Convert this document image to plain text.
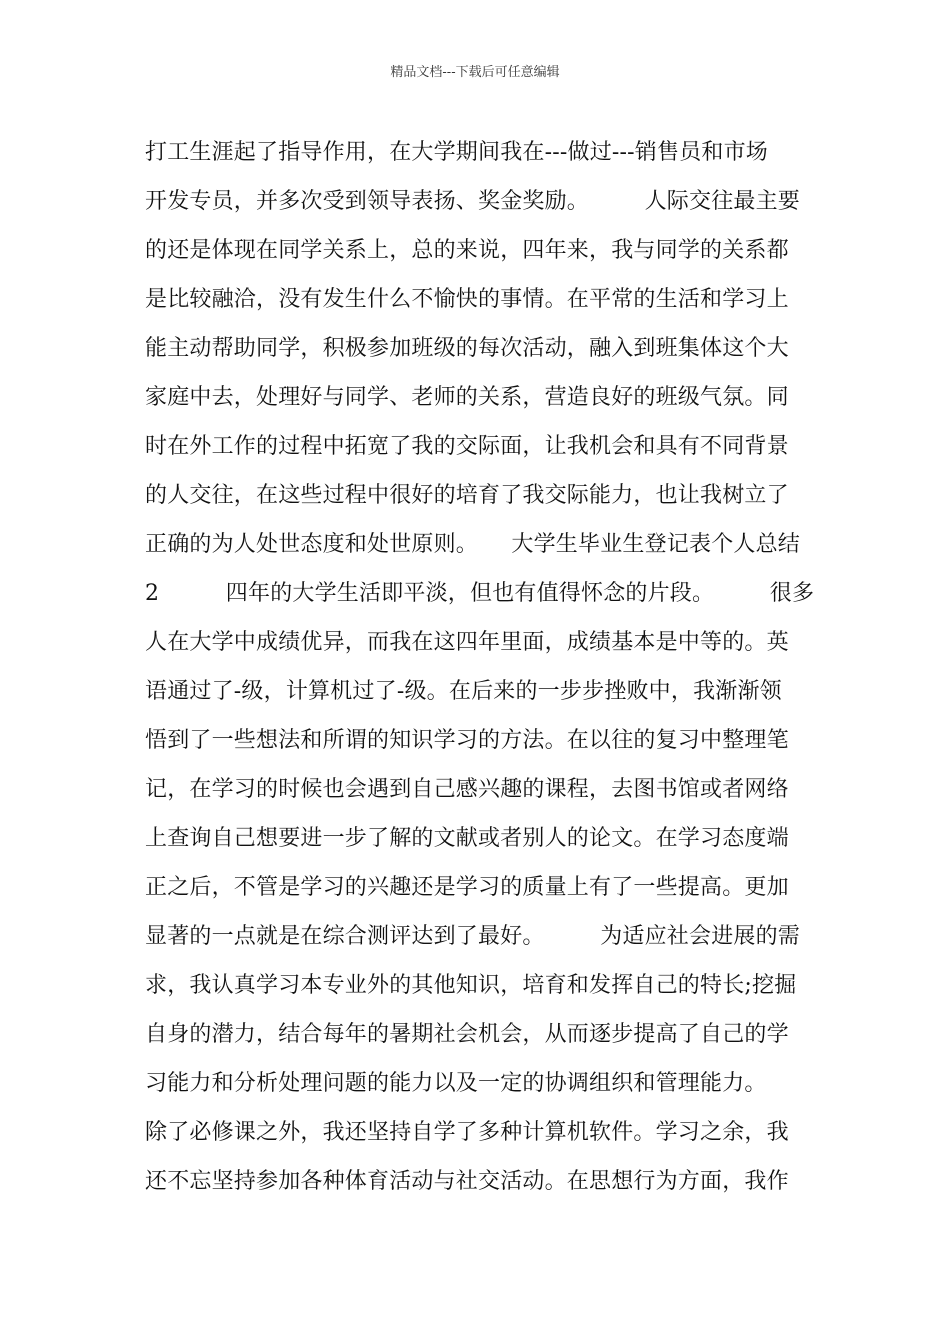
精品文档---下载后可任意编辑
打工生涯起了指导作用，在大学期间我在---做过---销售员和市场
开发专员，并多次受到领导表扬、奖金奖励。　　　人际交往最主要
的还是体现在同学关系上，总的来说，四年来，我与同学的关系都
是比较融洽，没有发生什么不愉快的事情。在平常的生活和学习上
能主动帮助同学，积极参加班级的每次活动，融入到班集体这个大
家庭中去，处理好与同学、老师的关系，营造良好的班级气氛。同
时在外工作的过程中拓宽了我的交际面，让我机会和具有不同背景
的人交往，在这些过程中很好的培育了我交际能力，也让我树立了
正确的为人处世态度和处世原则。　　大学生毕业生登记表个人总结
2　　　四年的大学生活即平淡，但也有值得怀念的片段。　　　很多
人在大学中成绩优异，而我在这四年里面，成绩基本是中等的。英
语通过了-级，计算机过了-级。在后来的一步步挫败中，我渐渐领
悟到了一些想法和所谓的知识学习的方法。在以往的复习中整理笔
记，在学习的时候也会遇到自己感兴趣的课程，去图书馆或者网络
上查询自己想要进一步了解的文献或者别人的论文。在学习态度端
正之后，不管是学习的兴趣还是学习的质量上有了一些提高。更加
显著的一点就是在综合测评达到了最好。　　　为适应社会进展的需
求，我认真学习本专业外的其他知识，培育和发挥自己的特长;挖掘
自身的潜力，结合每年的暑期社会机会，从而逐步提高了自己的学
习能力和分析处理问题的能力以及一定的协调组织和管理能力。
除了必修课之外，我还坚持自学了多种计算机软件。学习之余，我
还不忘坚持参加各种体育活动与社交活动。在思想行为方面，我作
